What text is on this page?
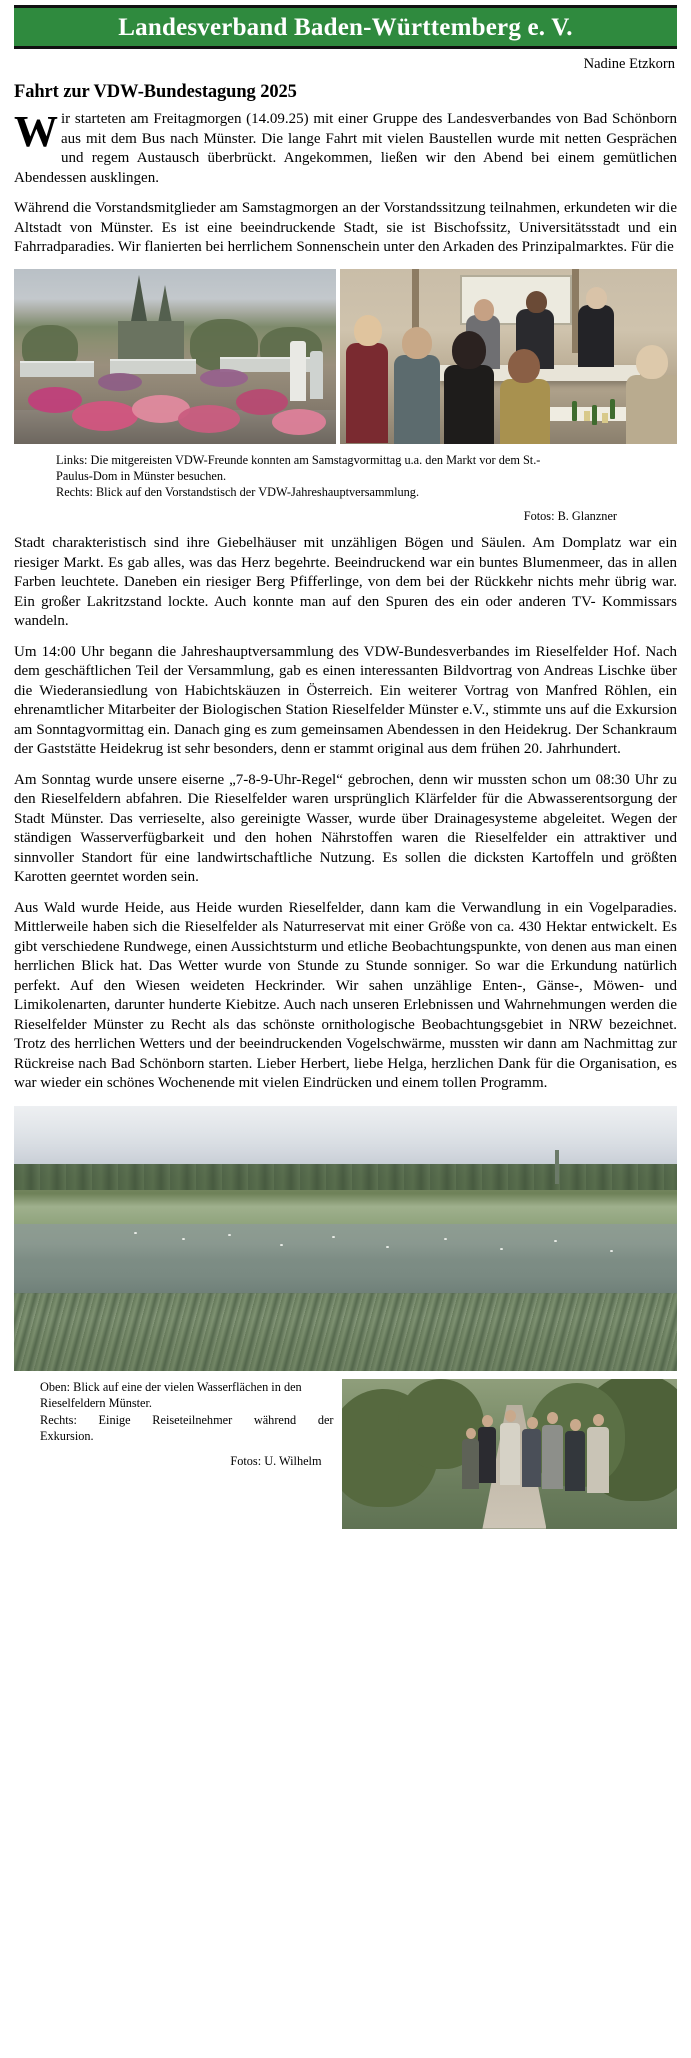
Landesverband Baden-Württemberg e. V.
Nadine Etzkorn
Fahrt zur VDW-Bundestagung 2025

Wir starteten am Freitagmorgen (14.09.25) mit einer Gruppe des Landesverbandes von Bad Schönborn aus mit dem Bus nach Münster. Die lange Fahrt mit vielen Baustellen wurde mit netten Gesprächen und regem Austausch überbrückt. Angekommen, ließen wir den Abend bei einem gemütlichen Abendessen ausklingen.

Während die Vorstandsmitglieder am Samstagmorgen an der Vorstandssitzung teilnahmen, erkundeten wir die Altstadt von Münster. Es ist eine beeindruckende Stadt, sie ist Bischofssitz, Universitätsstadt und ein Fahrradparadies. Wir flanierten bei herrlichem Sonnenschein unter den Arkaden des Prinzipalmarktes. Für die

Links: Die mitgereisten VDW-Freunde konnten am Samstagvormittag u.a. den Markt vor dem St.-
Paulus-Dom in Münster besuchen.
Rechts: Blick auf den Vorstandstisch der VDW-Jahreshauptversammlung.
Fotos: B. Glanzner

Stadt charakteristisch sind ihre Giebelhäuser mit unzähligen Bögen und Säulen. Am Domplatz war ein riesiger Markt. Es gab alles, was das Herz begehrte. Beeindruckend war ein buntes Blumenmeer, das in allen Farben leuchtete. Daneben ein riesiger Berg Pfifferlinge, von dem bei der Rückkehr nichts mehr übrig war. Ein großer Lakritzstand lockte. Auch konnte man auf den Spuren des ein oder anderen TV- Kommissars wandeln.

Um 14:00 Uhr begann die Jahreshauptversammlung des VDW-Bundesverbandes im Rieselfelder Hof. Nach dem geschäftlichen Teil der Versammlung, gab es einen interessanten Bildvortrag von Andreas Lischke über die Wiederansiedlung von Habichtskäuzen in Österreich. Ein weiterer Vortrag von Manfred Röhlen, ein ehrenamtlicher Mitarbeiter der Biologischen Station Rieselfelder Münster e.V., stimmte uns auf die Exkursion am Sonntagvormittag ein. Danach ging es zum gemeinsamen Abendessen in den Heidekrug. Der Schankraum der Gaststätte Heidekrug ist sehr besonders, denn er stammt original aus dem frühen 20. Jahrhundert.

Am Sonntag wurde unsere eiserne „7-8-9-Uhr-Regel“ gebrochen, denn wir mussten schon um 08:30 Uhr zu den Rieselfeldern abfahren. Die Rieselfelder waren ursprünglich Klärfelder für die Abwasserentsorgung der Stadt Münster. Das verrieselte, also gereinigte Wasser, wurde über Drainagesysteme abgeleitet. Wegen der ständigen Wasserverfügbarkeit und den hohen Nährstoffen waren die Rieselfelder ein attraktiver und sinnvoller Standort für eine landwirtschaftliche Nutzung. Es sollen die dicksten Kartoffeln und größten Karotten geerntet worden sein.

Aus Wald wurde Heide, aus Heide wurden Rieselfelder, dann kam die Verwandlung in ein Vogelparadies. Mittlerweile haben sich die Rieselfelder als Naturreservat mit einer Größe von ca. 430 Hektar entwickelt. Es gibt verschiedene Rundwege, einen Aussichtsturm und etliche Beobachtungspunkte, von denen aus man einen herrlichen Blick hat. Das Wetter wurde von Stunde zu Stunde sonniger. So war die Erkundung natürlich perfekt. Auf den Wiesen weideten Heckrinder. Wir sahen unzählige Enten-, Gänse-, Möwen- und Limikolenarten, darunter hunderte Kiebitze. Auch nach unseren Erlebnissen und Wahrnehmungen werden die Rieselfelder Münster zu Recht als das schönste ornithologische Beobachtungsgebiet in NRW bezeichnet. Trotz des herrlichen Wetters und der beeindruckenden Vogelschwärme, mussten wir dann am Nachmittag zur Rückreise nach Bad Schönborn starten. Lieber Herbert, liebe Helga, herzlichen Dank für die Organisation, es war wieder ein schönes Wochenende mit vielen Eindrücken und einem tollen Programm.

Oben: Blick auf eine der vielen Wasserflächen in den
Rieselfeldern Münster.
Rechts: Einige Reiseteilnehmer während der
Exkursion.
Fotos: U. Wilhelm
